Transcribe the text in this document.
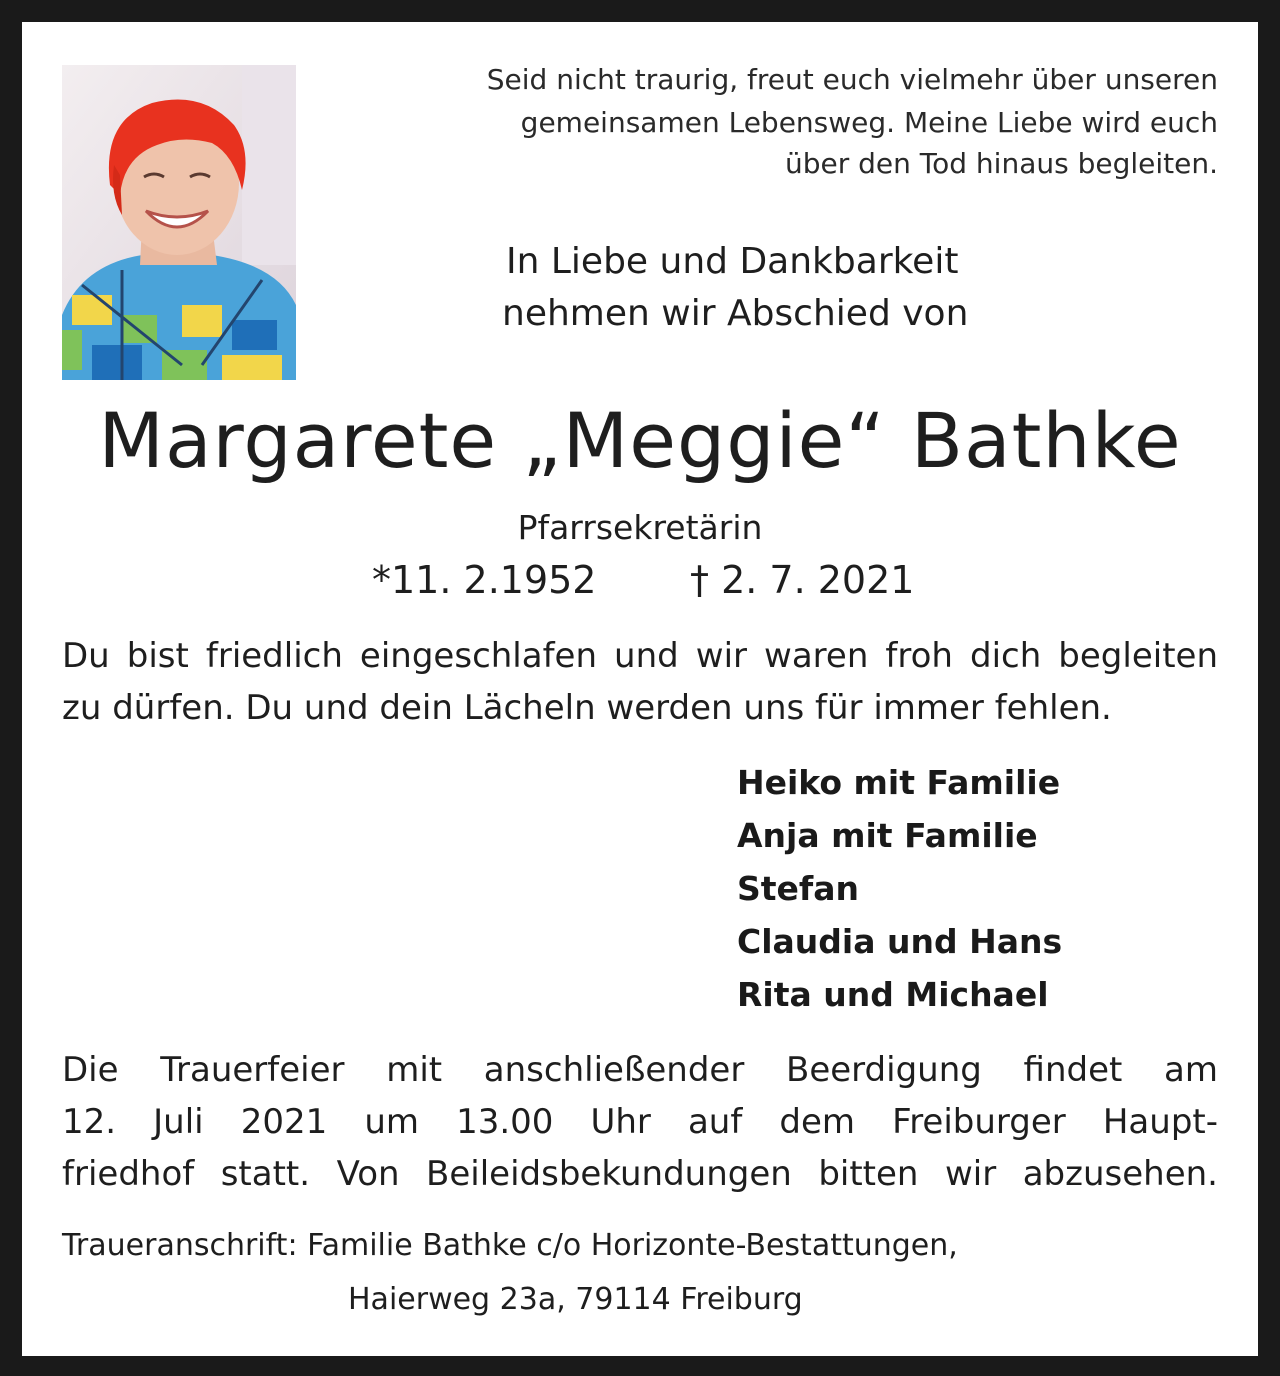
Seid nicht traurig, freut euch vielmehr über unseren
gemeinsamen Lebensweg. Meine Liebe wird euch
über den Tod hinaus begleiten.
In Liebe und Dankbarkeit
nehmen wir Abschied von
Margarete „Meggie“ Bathke
Pfarrsekretärin
*11. 2.1952 † 2. 7. 2021
Du bist friedlich eingeschlafen und wir waren froh dich begleiten
zu dürfen. Du und dein Lächeln werden uns für immer fehlen.
Heiko mit Familie
Anja mit Familie
Stefan
Claudia und Hans
Rita und Michael
Die Trauerfeier mit anschließender Beerdigung findet am
12. Juli 2021 um 13.00 Uhr auf dem Freiburger Haupt-
friedhof statt. Von Beileidsbekundungen bitten wir abzusehen.
Traueranschrift: Familie Bathke c/o Horizonte-Bestattungen,
Haierweg 23a, 79114 Freiburg
